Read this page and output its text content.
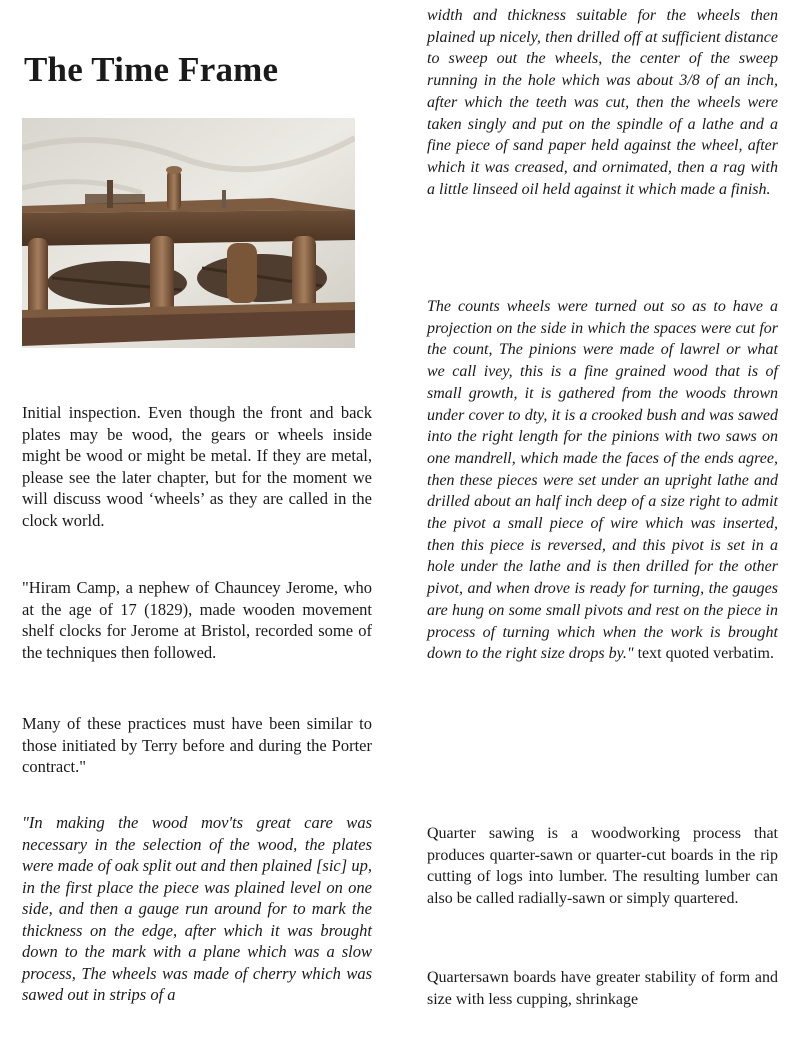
The Time Frame

Initial inspection. Even though the front and back plates may be wood, the gears or wheels inside might be wood or might be metal. If they are metal, please see the later chapter, but for the moment we will discuss wood ‘wheels’ as they are called in the clock world.

"Hiram Camp, a nephew of Chauncey Jerome, who at the age of 17 (1829), made wooden movement shelf clocks for Jerome at Bristol, recorded some of the techniques then followed.

Many of these practices must have been similar to those initiated by Terry before and during the Porter contract."

"In making the wood mov'ts great care was necessary in the selection of the wood, the plates were made of oak split out and then plained [sic] up, in the first place the piece was plained level on one side, and then a gauge run around for to mark the thickness on the edge, after which it was brought down to the mark with a plane which was a slow process, The wheels was made of cherry which was sawed out in strips of a

width and thickness suitable for the wheels then plained up nicely, then drilled off at sufficient distance to sweep out the wheels, the center of the sweep running in the hole which was about 3/8 of an inch, after which the teeth was cut, then the wheels were taken singly and put on the spindle of a lathe and a fine piece of sand paper held against the wheel, after which it was creased, and ornimated, then a rag with a little linseed oil held against it which made a finish.

The counts wheels were turned out so as to have a projection on the side in which the spaces were cut for the count, The pinions were made of lawrel or what we call ivey, this is a fine grained wood that is of small growth, it is gathered from the woods thrown under cover to dty, it is a crooked bush and was sawed into the right length for the pinions with two saws on one mandrell, which made the faces of the ends agree, then these pieces were set under an upright lathe and drilled about an half inch deep of a size right to admit the pivot a small piece of wire which was inserted, then this piece is reversed, and this pivot is set in a hole under the lathe and is then drilled for the other pivot, and when drove is ready for turning, the gauges are hung on some small pivots and rest on the piece in process of turning which when the work is brought down to the right size drops by." text quoted verbatim.

Quarter sawing is a woodworking process that produces quarter-sawn or quarter-cut boards in the rip cutting of logs into lumber. The resulting lumber can also be called radially-sawn or simply quartered.

Quartersawn boards have greater stability of form and size with less cupping, shrinkage
